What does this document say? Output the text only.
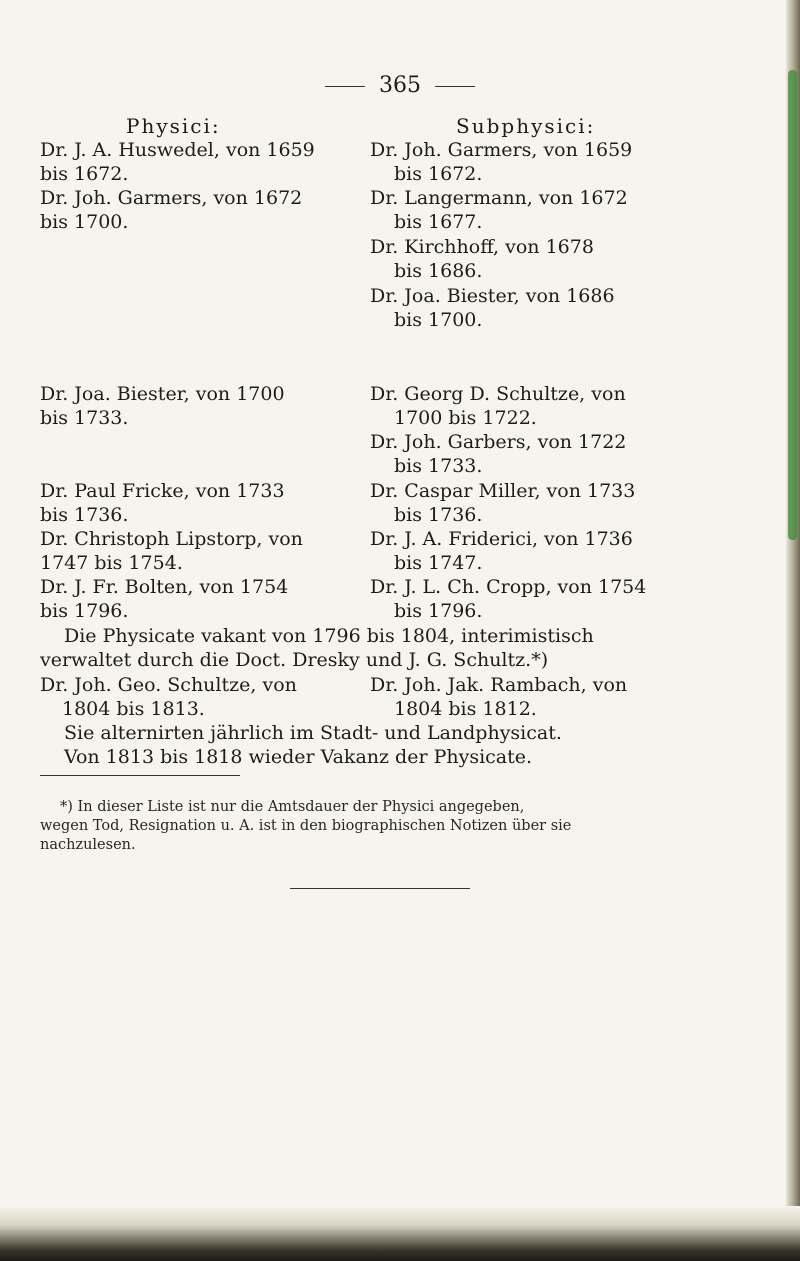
365
Physici:	Subphysici:
Dr. J. A. Huswedel, von 1659
bis 1672.
Dr. Joh. Garmers, von 1672
bis 1700.
Dr. Joa. Biester, von 1700
bis 1733.
Dr. Paul Fricke, von 1733
bis 1736.
Dr. Christoph Lipstorp, von
1747 bis 1754.
Dr. J. Fr. Bolten, von 1754
bis 1796.
Dr. Joh. Garmers, von 1659
bis 1672.
Dr. Langermann, von 1672
bis 1677.
Dr. Kirchhoff, von 1678
bis 1686.
Dr. Joa. Biester, von 1686
bis 1700.
Dr. Georg D. Schultze, von
1700 bis 1722.
Dr. Joh. Garbers, von 1722
bis 1733.
Dr. Caspar Miller, von 1733
bis 1736.
Dr. J. A. Friderici, von 1736
bis 1747.
Dr. J. L. Ch. Cropp, von 1754
bis 1796.
Die Physicate vakant von 1796 bis 1804, interimistisch
verwaltet durch die Doct. Dresky und J. G. Schultz.*)
Dr. Joh. Geo. Schultze, von
1804 bis 1813.
Dr. Joh. Jak. Rambach, von
1804 bis 1812.
Sie alternirten jährlich im Stadt- und Landphysicat.
Von 1813 bis 1818 wieder Vakanz der Physicate.
*) In dieser Liste ist nur die Amtsdauer der Physici angegeben,
wegen Tod, Resignation u. A. ist in den biographischen Notizen über sie
nachzulesen.
